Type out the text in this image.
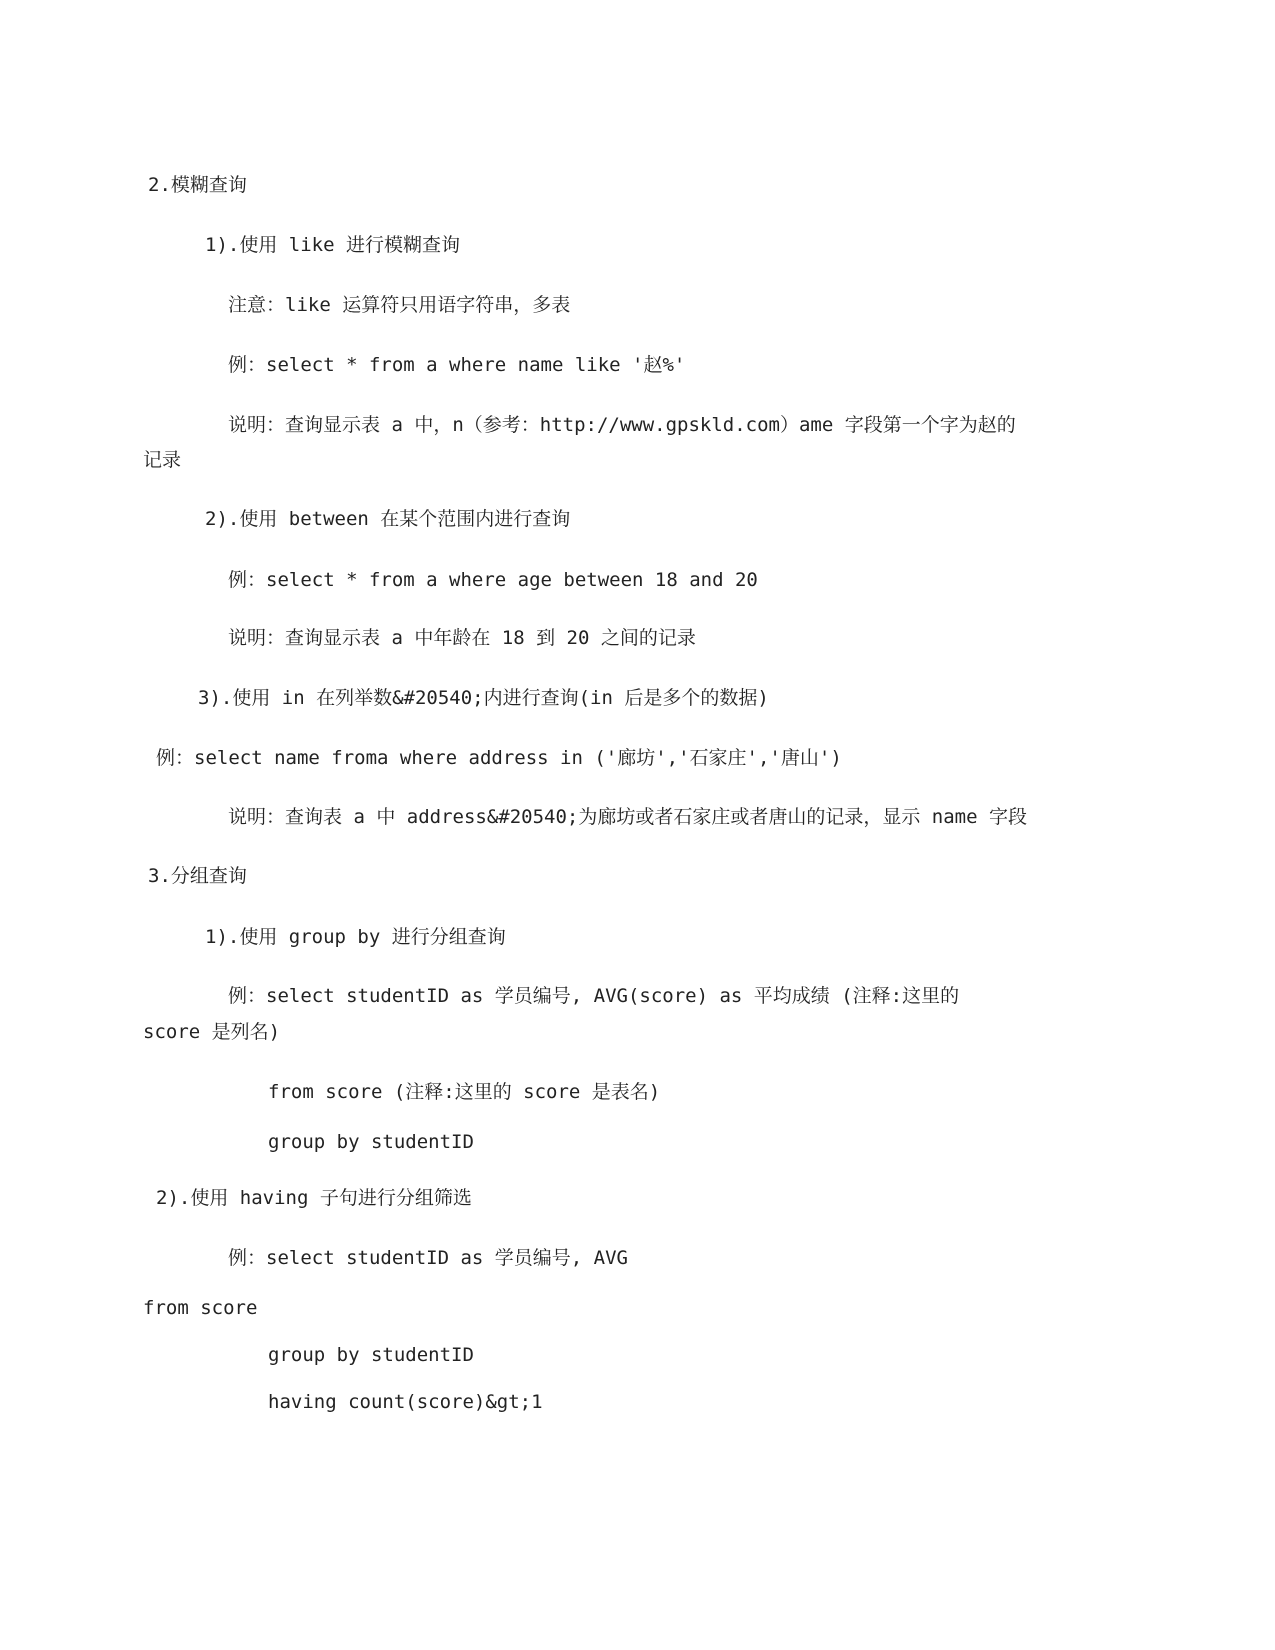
2.模糊查询
1).使用 like 进行模糊查询
注意：like 运算符只用语字符串，多表
例：select * from a where name like '赵%'
说明：查询显示表 a 中，n（参考：http://www.gpskld.com）ame 字段第一个字为赵的
记录
2).使用 between 在某个范围内进行查询
例：select * from a where age between 18 and 20
说明：查询显示表 a 中年龄在 18 到 20 之间的记录
3).使用 in 在列举数&#20540;内进行查询(in 后是多个的数据)
例：select name froma where address in ('廊坊','石家庄','唐山')
说明：查询表 a 中 address&#20540;为廊坊或者石家庄或者唐山的记录，显示 name 字段
3.分组查询
1).使用 group by 进行分组查询
例：select studentID as 学员编号, AVG(score) as 平均成绩 (注释:这里的
score 是列名)
from score (注释:这里的 score 是表名)
group by studentID
2).使用 having 子句进行分组筛选
例：select studentID as 学员编号, AVG
from score
group by studentID
having count(score)&gt;1
